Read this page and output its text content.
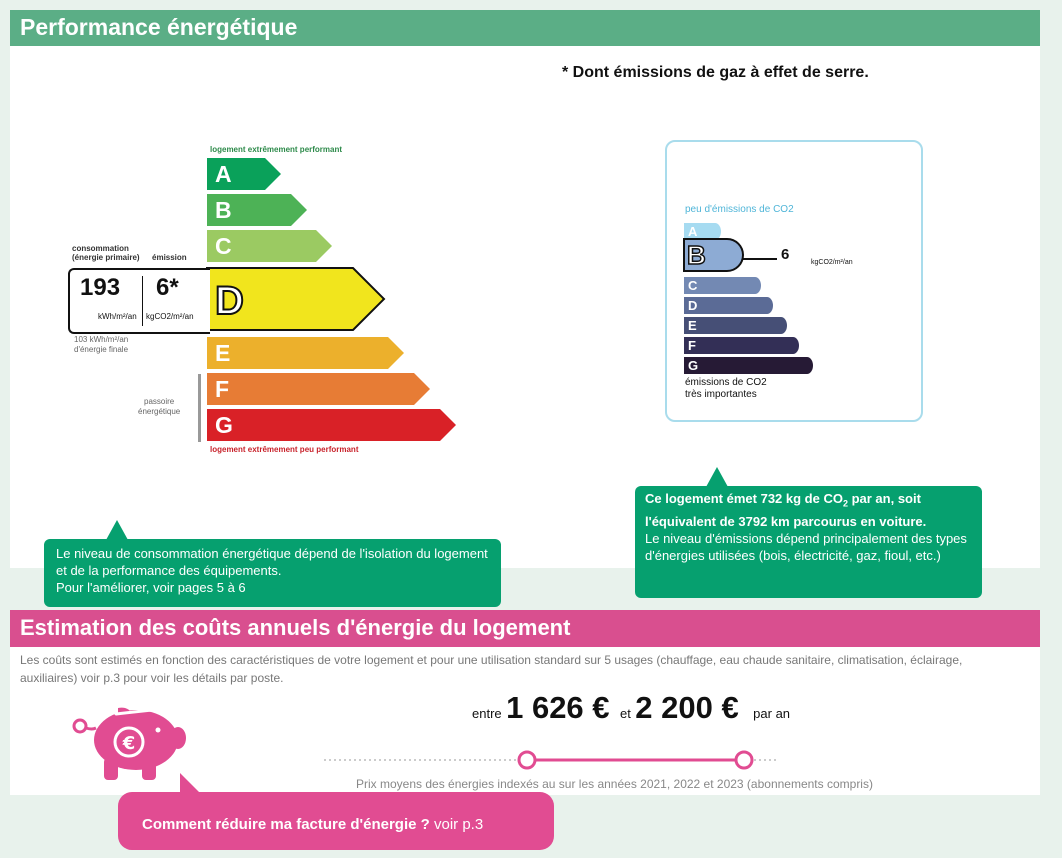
Performance énergétique
* Dont émissions de gaz à effet de serre.
logement extrêmement performant
A
B
C
D
E
F
G
logement extrêmement peu performant
consommation
(énergie primaire) émission
193
kWh/m²/an
6*
kgCO2/m²/an
103 kWh/m²/an
d'énergie finale
passoire
énergétique
peu d'émissions de CO2
A
B
C
D
E
F
G
6	kgCO2/m²/an
émissions de CO2
très importantes
Le niveau de consommation énergétique dépend de l'isolation du logement et de la performance des équipements.
Pour l'améliorer, voir pages 5 à 6
Ce logement émet 732 kg de $CO_2$ par an, soit l'équivalent de 3792 km parcourus en voiture.
Le niveau d'émissions dépend principalement des types d'énergies utilisées (bois, électricité, gaz, fioul, etc.)
Estimation des coûts annuels d'énergie du logement
Les coûts sont estimés en fonction des caractéristiques de votre logement et pour une utilisation standard sur 5 usages (chauffage, eau chaude sanitaire, climatisation, éclairage, auxiliaires) voir p.3 pour voir les détails par poste.
€
entre 1 626 € et 2 200 € par an
Prix moyens des énergies indexés au sur les années 2021, 2022 et 2023 (abonnements compris)
Comment réduire ma facture d'énergie ? voir p.3
